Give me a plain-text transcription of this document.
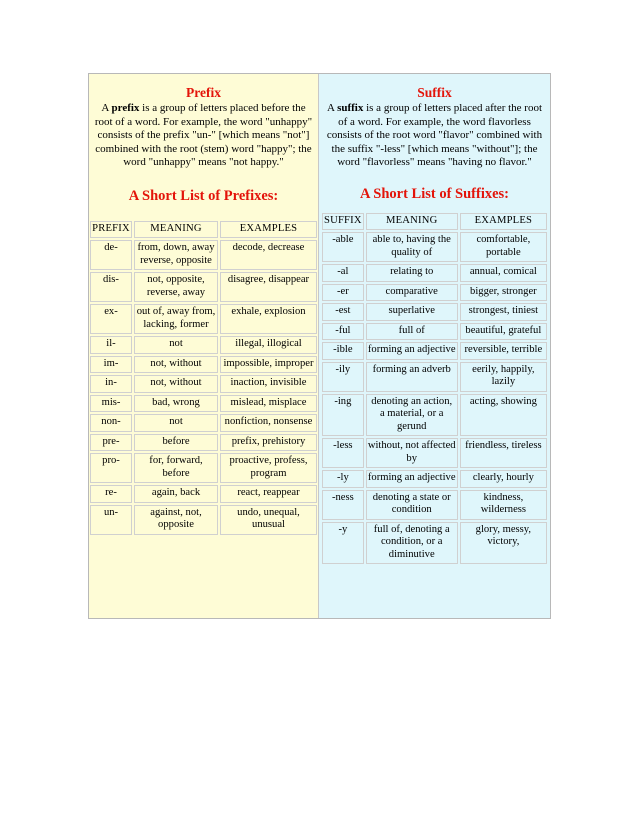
Prefix
A prefix is a group of letters placed before the root of a word. For example, the word "unhappy" consists of the prefix "un-" [which means "not"] combined with the root (stem) word "happy"; the word "unhappy" means "not happy."
A Short List of Prefixes:
PREFIX	MEANING	EXAMPLES
de-	from, down, away reverse, opposite	decode, decrease
dis-	not, opposite, reverse, away	disagree, disappear
ex-	out of, away from, lacking, former	exhale, explosion
il-	not	illegal, illogical
im-	not, without	impossible, improper
in-	not, without	inaction, invisible
mis-	bad, wrong	mislead, misplace
non-	not	nonfiction, nonsense
pre-	before	prefix, prehistory
pro-	for, forward, before	proactive, profess, program
re-	again, back	react, reappear
un-	against, not, opposite	undo, unequal, unusual
Suffix
A suffix is a group of letters placed after the root of a word. For example, the word flavorless consists of the root word "flavor" combined with the suffix "-less" [which means "without"]; the word "flavorless" means "having no flavor."
A Short List of Suffixes:
SUFFIX	MEANING	EXAMPLES
-able	able to, having the quality of	comfortable, portable
-al	relating to	annual, comical
-er	comparative	bigger, stronger
-est	superlative	strongest, tiniest
-ful	full of	beautiful, grateful
-ible	forming an adjective	reversible, terrible
-ily	forming an adverb	eerily, happily, lazily
-ing	denoting an action, a material, or a gerund	acting, showing
-less	without, not affected by	friendless, tireless
-ly	forming an adjective	clearly, hourly
-ness	denoting a state or condition	kindness, wilderness
-y	full of, denoting a condition, or a diminutive	glory, messy, victory,
